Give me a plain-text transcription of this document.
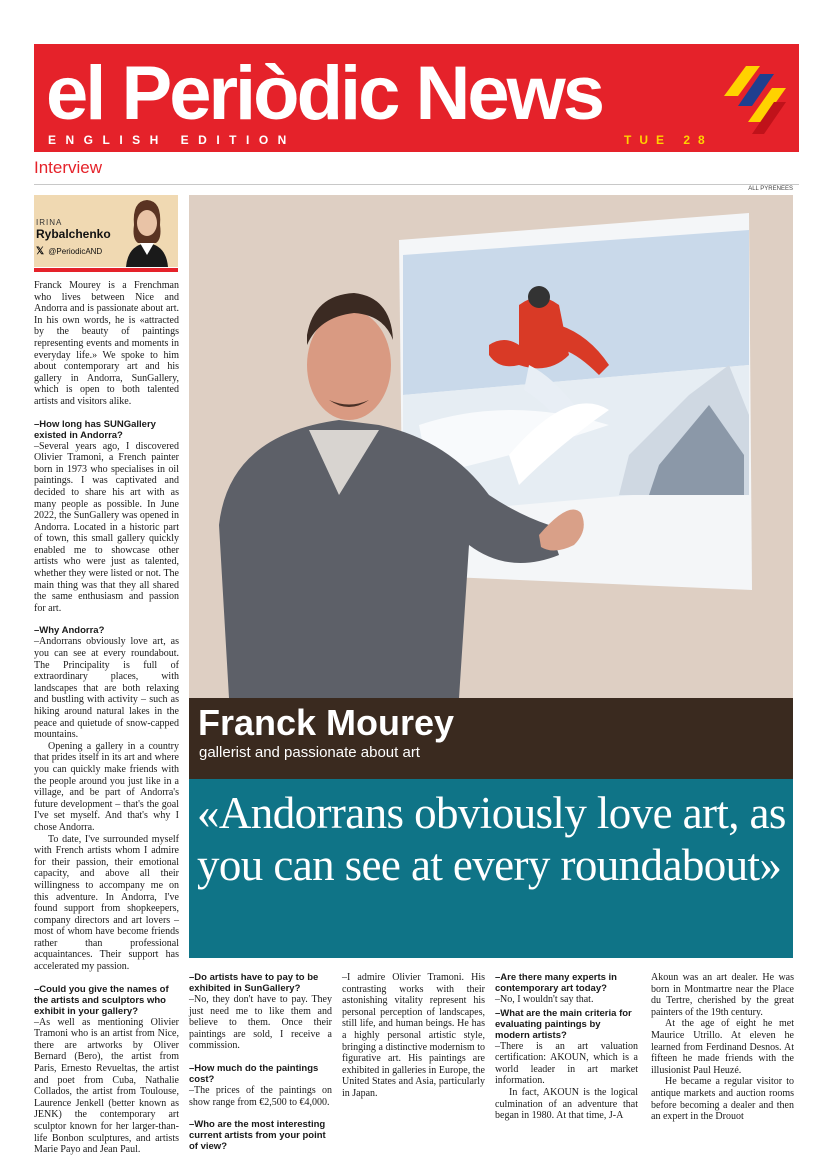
el Periòdic News
ENGLISH EDITION	TUE 28
Interview
ALL PYRENEES
IRINA
Rybalchenko
𝕏 @PeriodicAND
Franck Mourey
gallerist and passionate about art
«Andorrans obviously love art, as you can see at every roundabout»

Franck Mourey is a Frenchman who lives between Nice and Andorra and is passionate about art. In his own words, he is «attracted by the beauty of paintings representing events and moments in everyday life.» We spoke to him about contemporary art and his gallery in Andorra, SunGallery, which is open to both talented artists and visitors alike.

–How long has SUNGallery existed in Andorra?

–Several years ago, I discovered Olivier Tramoni, a French painter born in 1973 who specialises in oil paintings. I was captivated and decided to share his art with as many people as possible. In June 2022, the SunGallery was opened in Andorra. Located in a historic part of town, this small gallery quickly enabled me to showcase other artists who were just as talented, whether they were listed or not. The main thing was that they all shared the same enthusiasm and passion for art.

–Why Andorra?

–Andorrans obviously love art, as you can see at every roundabout. The Principality is full of extraordinary places, with landscapes that are both relaxing and bustling with activity – such as hiking around natural lakes in the peace and quietude of snow-capped mountains.

Opening a gallery in a country that prides itself in its art and where you can quickly make friends with the people around you just like in a village, and be part of Andorra's future development – that's the goal I've set myself. And that's why I chose Andorra.

To date, I've surrounded myself with French artists whom I admire for their passion, their emotional capacity, and above all their willingness to accompany me on this adventure. In Andorra, I've found support from shopkeepers, company directors and art lovers – most of whom have become friends rather than professional acquaintances. Their support has accelerated my passion.

–Could you give the names of the artists and sculptors who exhibit in your gallery?

–As well as mentioning Olivier Tramoni who is an artist from Nice, there are artworks by Oliver Bernard (Bero), the artist from Paris, Ernesto Revueltas, the artist and poet from Cuba, Nathalie Collados, the artist from Toulouse, Laurence Jenkell (better known as JENK) the contemporary art sculptor known for her larger-than-life Bonbon sculptures, and artists Marie Payo and Jean Paul.

–Do artists have to pay to be exhibited in SunGallery?

–No, they don't have to pay. They just need me to like them and believe to them. Once their paintings are sold, I receive a commission.

–How much do the paintings cost?

–The prices of the paintings on show range from €2,500 to €4,000.

–Who are the most interesting current artists from your point of view?

–I admire Olivier Tramoni. His contrasting works with their astonishing vitality represent his personal perception of landscapes, still life, and human beings. He has a highly personal artistic style, bringing a distinctive modernism to figurative art. His paintings are exhibited in galleries in Europe, the United States and Asia, particularly in Japan.

–Are there many experts in contemporary art today?

–No, I wouldn't say that.

–What are the main criteria for evaluating paintings by modern artists?

–There is an art valuation certification: AKOUN, which is a world leader in art market information.

In fact, AKOUN is the logical culmination of an adventure that began in 1980. At that time, J-A

Akoun was an art dealer. He was born in Montmartre near the Place du Tertre, cherished by the great painters of the 19th century.

At the age of eight he met Maurice Utrillo. At eleven he learned from Ferdinand Desnos. At fifteen he made friends with the illusionist Paul Heuzé.

He became a regular visitor to antique markets and auction rooms before becoming a dealer and then an expert in the Drouot
